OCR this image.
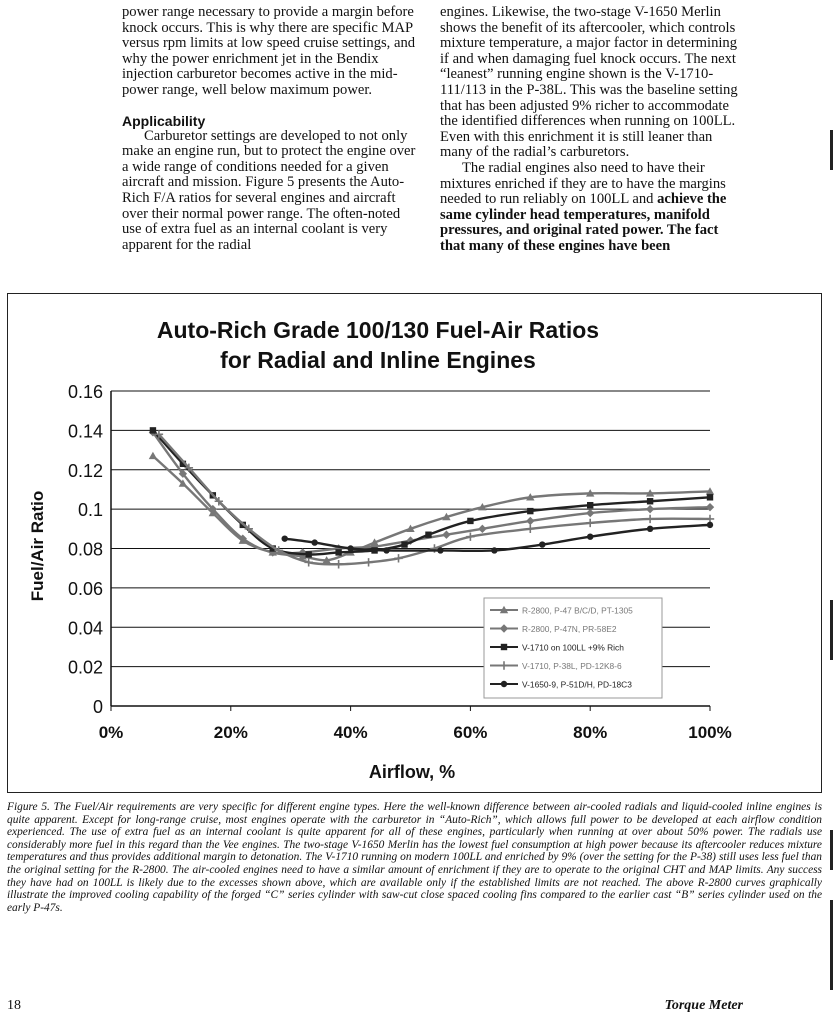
power range necessary to provide a margin before knock occurs. This is why there are specific MAP versus rpm limits at low speed cruise settings, and why the power enrichment jet in the Bendix injection carburetor becomes active in the mid-power range, well below maximum power.

Applicability

Carburetor settings are developed to not only make an engine run, but to protect the engine over a wide range of conditions needed for a given aircraft and mission. Figure 5 presents the Auto-Rich F/A ratios for several engines and aircraft over their normal power range. The often-noted use of extra fuel as an internal coolant is very apparent for the radial

engines. Likewise, the two-stage V-1650 Merlin shows the benefit of its aftercooler, which controls mixture temperature, a major factor in determining if and when damaging fuel knock occurs. The next “leanest” running engine shown is the V-1710-111/113 in the P-38L. This was the baseline setting that has been adjusted 9% richer to accommodate the identified differences when running on 100LL. Even with this enrichment it is still leaner than many of the radial’s carburetors.

The radial engines also need to have their mixtures enriched if they are to have the margins needed to run reliably on 100LL and achieve the same cylinder head temperatures, manifold pressures, and original rated power. The fact that many of these engines have been

Auto-Rich Grade 100/130 Fuel-Air Ratios
for Radial and Inline Engines
Airflow, %
Fuel/Air Ratio
0
0.02
0.04
0.06
0.08
0.1
0.12
0.14
0.16
0%	20%	40%	60%	80%	100%
R-2800, P-47 B/C/D, PT-1305
R-2800, P-47N, PR-58E2
V-1710 on 100LL +9% Rich
V-1710, P-38L, PD-12K8-6
V-1650-9, P-51D/H, PD-18C3
Figure 5. The Fuel/Air requirements are very specific for different engine types. Here the well-known difference between air-cooled radials and liquid-cooled inline engines is quite apparent. Except for long-range cruise, most engines operate with the carburetor in “Auto-Rich”, which allows full power to be developed at each airflow condition experienced. The use of extra fuel as an internal coolant is quite apparent for all of these engines, particularly when running at over about 50% power. The radials use considerably more fuel in this regard than the Vee engines. The two-stage V-1650 Merlin has the lowest fuel consumption at high power because its aftercooler reduces mixture temperatures and thus provides additional margin to detonation. The V-1710 running on modern 100LL and enriched by 9% (over the setting for the P-38) still uses less fuel than the original setting for the R-2800. The air-cooled engines need to have a similar amount of enrichment if they are to operate to the original CHT and MAP limits. Any success they have had on 100LL is likely due to the excesses shown above, which are available only if the established limits are not reached. The above R-2800 curves graphically illustrate the improved cooling capability of the forged “C” series cylinder with saw-cut close spaced cooling fins compared to the earlier cast “B” series cylinder used on the early P-47s.
18	Torque Meter
